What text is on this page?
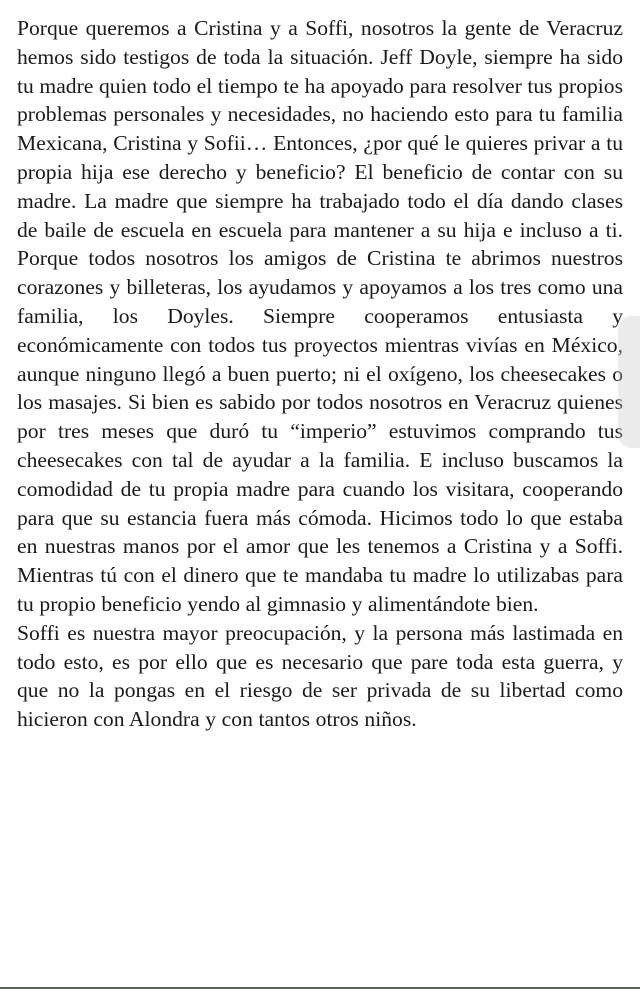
Porque queremos a Cristina y a Soffi, nosotros la gente de Veracruz hemos sido testigos de toda la situación. Jeff Doyle, siempre ha sido tu madre quien todo el tiempo te ha apoyado para resolver tus propios problemas personales y necesidades, no haciendo esto para tu familia Mexicana, Cristina y Sofii… Entonces, ¿por qué le quieres privar a tu propia hija ese derecho y beneficio? El beneficio de contar con su madre. La madre que siempre ha trabajado todo el día dando clases de baile de escuela en escuela para mantener a su hija e incluso a ti. Porque todos nosotros los amigos de Cristina te abrimos nuestros corazones y billeteras, los ayudamos y apoyamos a los tres como una familia, los Doyles. Siempre cooperamos entusiasta y económicamente con todos tus proyectos mientras vivías en México, aunque ninguno llegó a buen puerto; ni el oxígeno, los cheesecakes o los masajes. Si bien es sabido por todos nosotros en Veracruz quienes por tres meses que duró tu “imperio” estuvimos comprando tus cheesecakes con tal de ayudar a la familia. E incluso buscamos la comodidad de tu propia madre para cuando los visitara, cooperando para que su estancia fuera más cómoda. Hicimos todo lo que estaba en nuestras manos por el amor que les tenemos a Cristina y a Soffi. Mientras tú con el dinero que te mandaba tu madre lo utilizabas para tu propio beneficio yendo al gimnasio y alimentándote bien.

Soffi es nuestra mayor preocupación, y la persona más lastimada en todo esto, es por ello que es necesario que pare toda esta guerra, y que no la pongas en el riesgo de ser privada de su libertad como hicieron con Alondra y con tantos otros niños.
